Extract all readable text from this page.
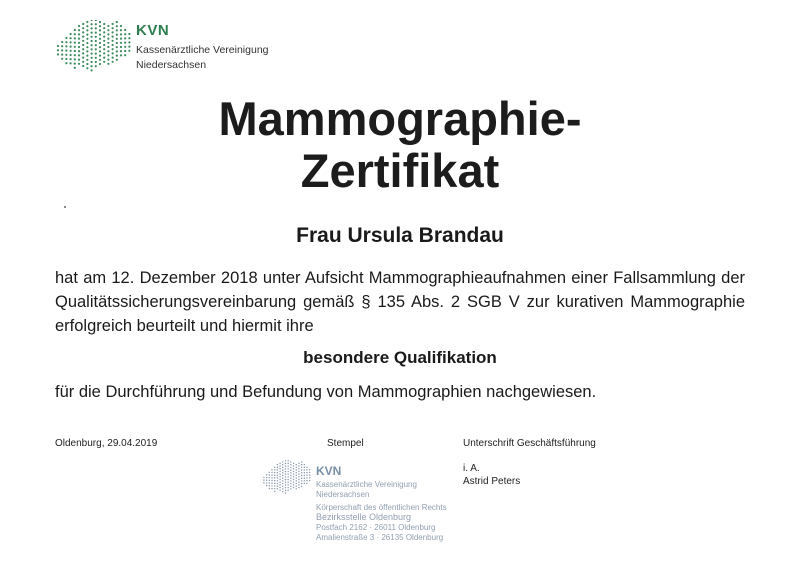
KVN
Kassenärztliche Vereinigung
Niedersachsen
Mammographie-
Zertifikat
Frau Ursula Brandau
hat am 12. Dezember 2018 unter Aufsicht Mammographieaufnahmen einer Fallsammlung der Qualitätssicherungsvereinbarung gemäß § 135 Abs. 2 SGB V zur kurativen Mammographie erfolgreich beurteilt und hiermit ihre
besondere Qualifikation
für die Durchführung und Befundung von Mammographien nachgewiesen.
Oldenburg, 29.04.2019	Stempel	Unterschrift Geschäftsführung
i. A.
Astrid Peters
KVN
Kassenärztliche Vereinigung
Niedersachsen
Körperschaft des öffentlichen Rechts
Bezirksstelle Oldenburg
Postfach 2162 · 26011 Oldenburg
Amalienstraße 3 · 26135 Oldenburg
